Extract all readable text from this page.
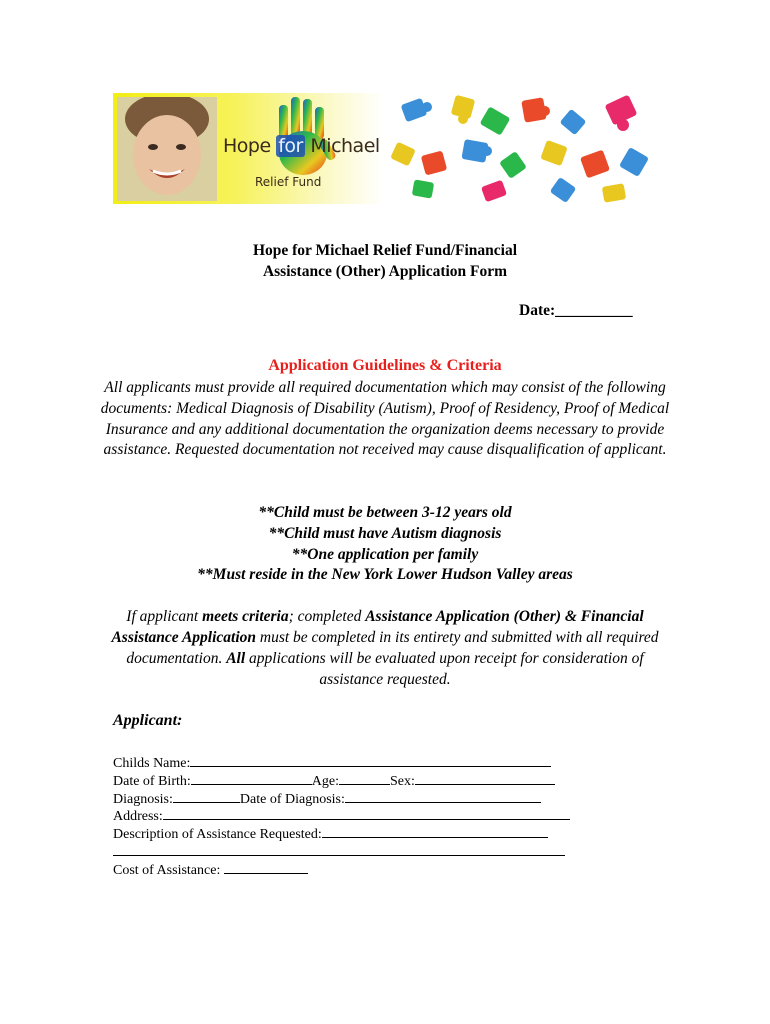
Hope for Michael
Relief Fund
Hope for Michael Relief Fund/Financial
Assistance (Other) Application Form
Date:__________
Application Guidelines & Criteria
All applicants must provide all required documentation which may consist of the following documents: Medical Diagnosis of Disability (Autism), Proof of Residency, Proof of Medical Insurance and any additional documentation the organization deems necessary to provide assistance. Requested documentation not received may cause disqualification of applicant.
**Child must be between 3-12 years old
**Child must have Autism diagnosis
**One application per family
**Must reside in the New York Lower Hudson Valley areas
If applicant meets criteria; completed Assistance Application (Other) & Financial Assistance Application must be completed in its entirety and submitted with all required documentation. All applications will be evaluated upon receipt for consideration of assistance requested.
Applicant:
Childs Name:
Date of Birth:	Age:	Sex:
Diagnosis:	Date of Diagnosis:
Address:
Description of Assistance Requested:
Cost of Assistance:
